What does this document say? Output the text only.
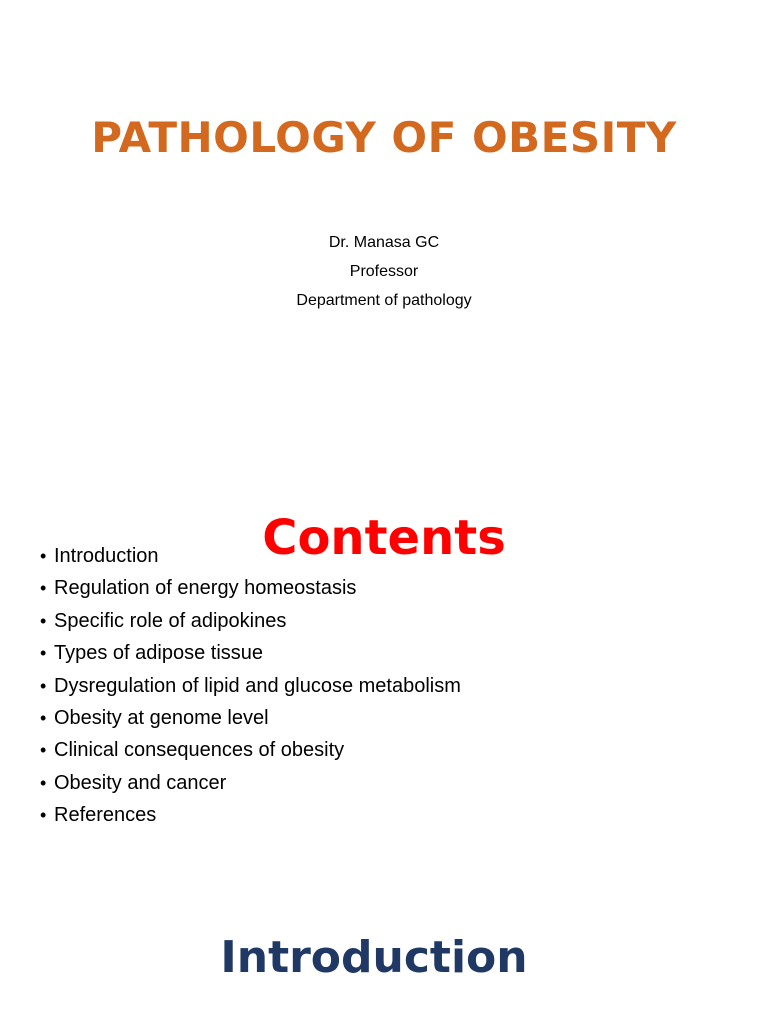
PATHOLOGY OF OBESITY
Dr. Manasa GC
Professor
Department of pathology
Contents
• Introduction
• Regulation of energy homeostasis
• Specific role of adipokines
• Types of adipose tissue
• Dysregulation of lipid and glucose metabolism
• Obesity at genome level
• Clinical consequences of obesity
• Obesity and cancer
• References
Introduction
